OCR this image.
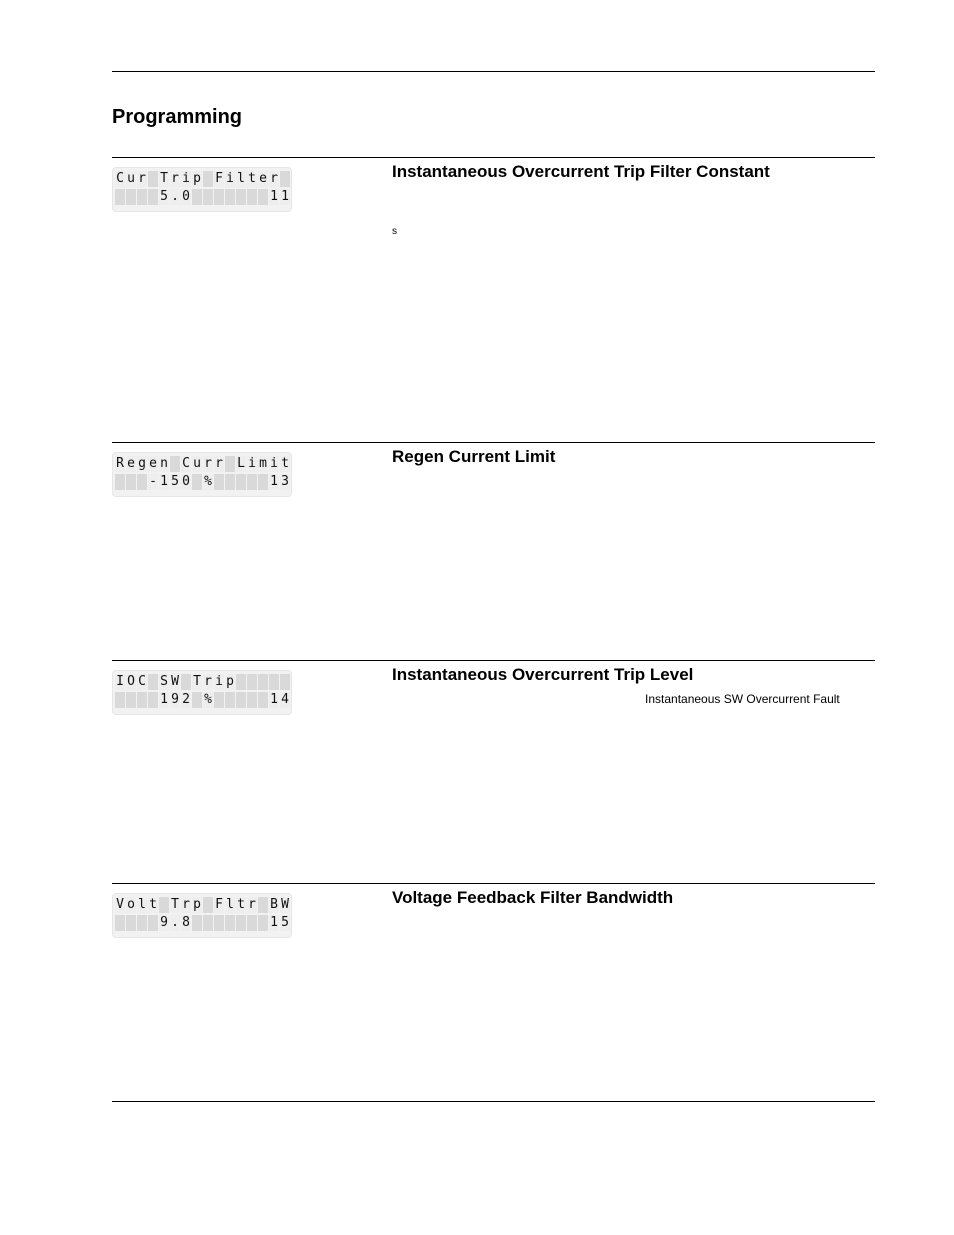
Programming
C u r T r i p F i l t e r
5 . 0	1 1
Instantaneous Overcurrent Trip Filter Constant
s
R e g e n C u r r L i m i t
- 1 5 0 %	1 3
Regen Current Limit
I O C S W T r i p
1 9 2 %	1 4
Instantaneous Overcurrent Trip Level
Instantaneous SW Overcurrent Fault
V o l t T r p F l t r B W
9 . 8	1 5
Voltage Feedback Filter Bandwidth
